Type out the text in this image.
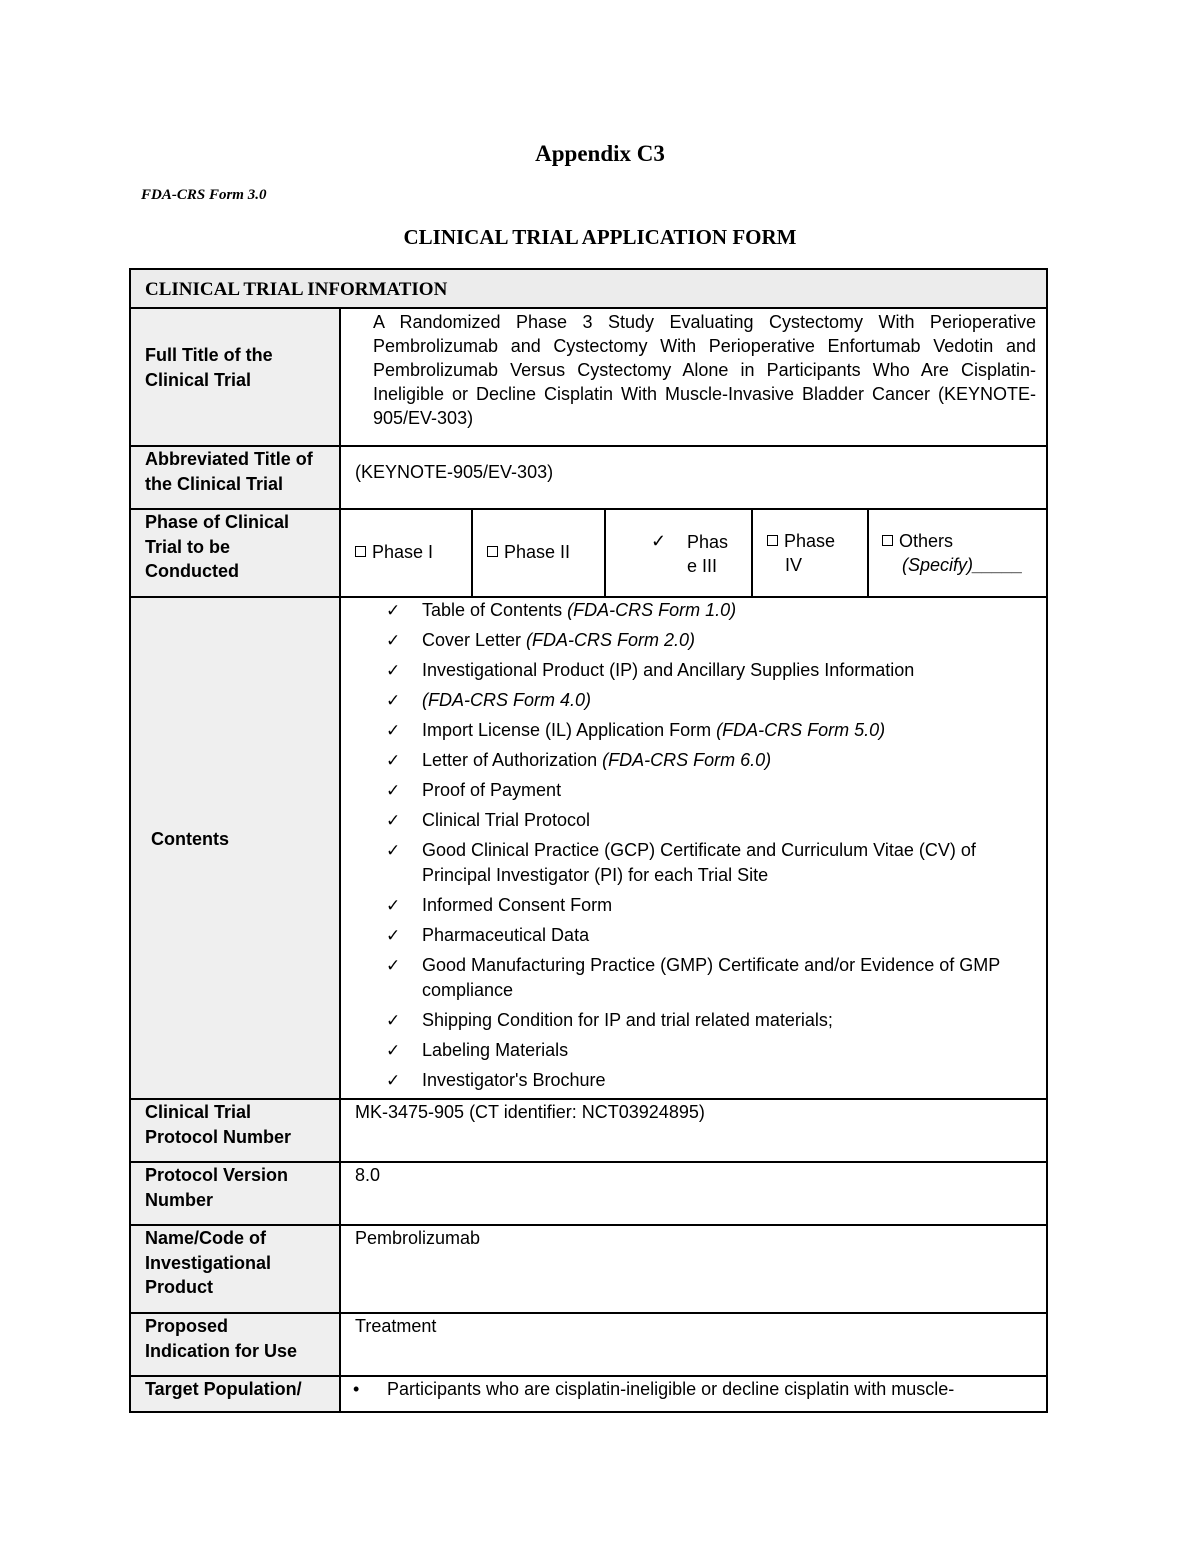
Appendix C3
FDA-CRS Form 3.0
CLINICAL TRIAL APPLICATION FORM
CLINICAL TRIAL INFORMATION
Full Title of the
Clinical Trial
A Randomized Phase 3 Study Evaluating Cystectomy With Perioperative Pembrolizumab and Cystectomy With Perioperative Enfortumab Vedotin and Pembrolizumab Versus Cystectomy Alone in Participants Who Are Cisplatin-Ineligible or Decline Cisplatin With Muscle-Invasive Bladder Cancer (KEYNOTE-905/EV-303)
Abbreviated Title of
the Clinical Trial
(KEYNOTE-905/EV-303)
Phase of Clinical
Trial to be
Conducted
Phase I	Phase II
✓ Phas
e III
Phase
IV
Others
(Specify)_____
Contents
✓ Table of Contents (FDA-CRS Form 1.0)
✓ Cover Letter (FDA-CRS Form 2.0)
✓ Investigational Product (IP) and Ancillary Supplies Information
✓ (FDA-CRS Form 4.0)
✓ Import License (IL) Application Form (FDA-CRS Form 5.0)
✓ Letter of Authorization (FDA-CRS Form 6.0)
✓ Proof of Payment
✓ Clinical Trial Protocol
✓ Good Clinical Practice (GCP) Certificate and Curriculum Vitae (CV) of Principal Investigator (PI) for each Trial Site
✓ Informed Consent Form
✓ Pharmaceutical Data
✓ Good Manufacturing Practice (GMP) Certificate and/or Evidence of GMP compliance
✓ Shipping Condition for IP and trial related materials;
✓ Labeling Materials
✓ Investigator's Brochure
Clinical Trial
Protocol Number
MK-3475-905 (CT identifier: NCT03924895)
Protocol Version
Number
8.0
Name/Code of
Investigational
Product
Pembrolizumab
Proposed
Indication for Use
Treatment
Target Population/	• Participants who are cisplatin-ineligible or decline cisplatin with muscle-
